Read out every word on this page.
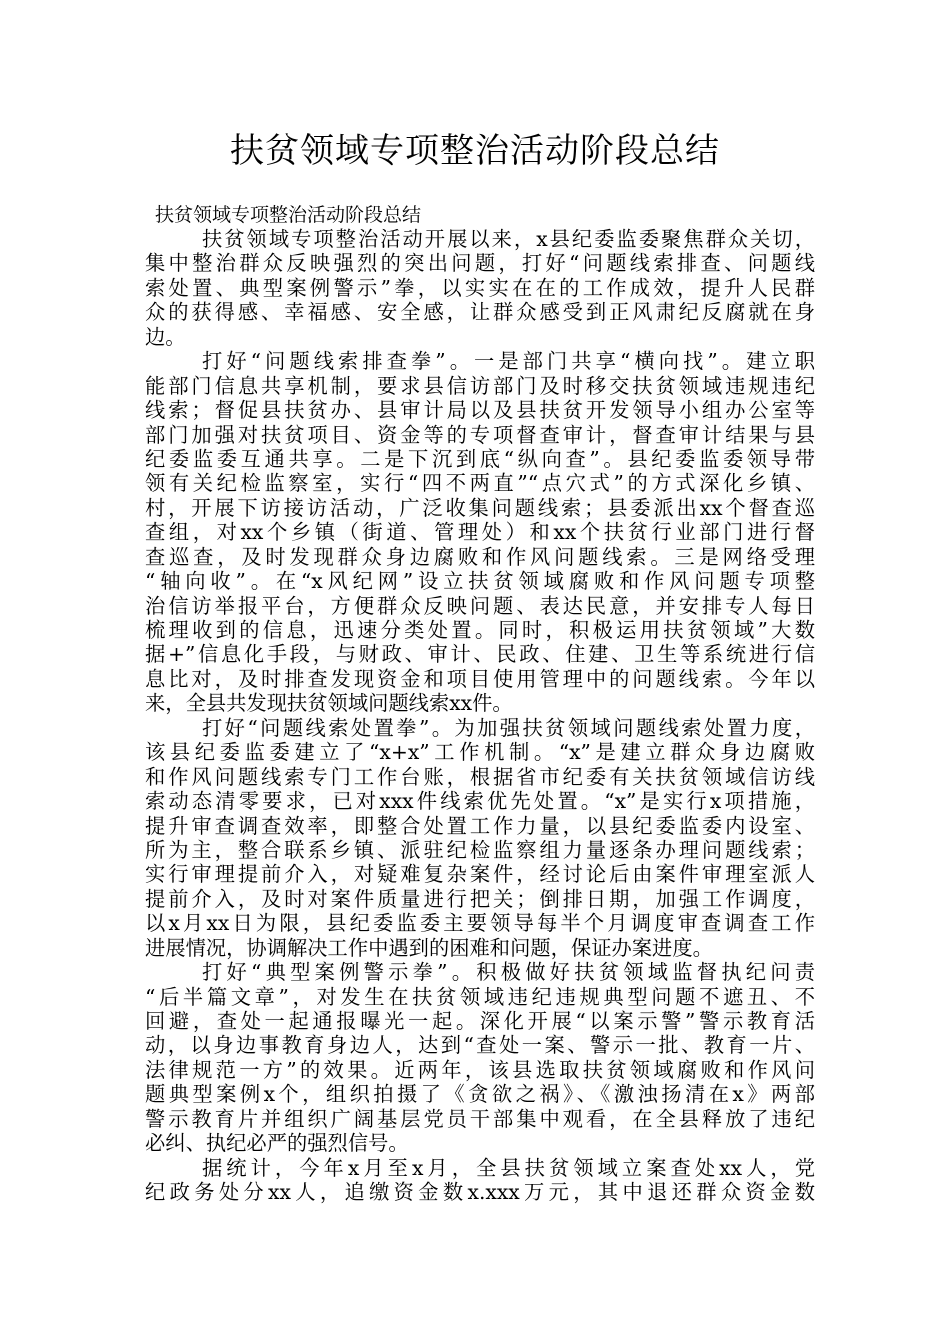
扶贫领域专项整治活动阶段总结
扶贫领域专项整治活动阶段总结
扶贫领域专项整治活动开展以来，x县纪委监委聚焦群众关切，
集中整治群众反映强烈的突出问题，打好“问题线索排查、问题线
索处置、典型案例警示”拳，以实实在在的工作成效，提升人民群
众的获得感、幸福感、安全感，让群众感受到正风肃纪反腐就在身
边。
打好“问题线索排查拳”。一是部门共享“横向找”。建立职
能部门信息共享机制，要求县信访部门及时移交扶贫领域违规违纪
线索；督促县扶贫办、县审计局以及县扶贫开发领导小组办公室等
部门加强对扶贫项目、资金等的专项督查审计，督查审计结果与县
纪委监委互通共享。二是下沉到底“纵向查”。县纪委监委领导带
领有关纪检监察室，实行“四不两直”“点穴式”的方式深化乡镇、
村，开展下访接访活动，广泛收集问题线索；县委派出xx个督查巡
查组，对xx个乡镇（街道、管理处）和xx个扶贫行业部门进行督
查巡查，及时发现群众身边腐败和作风问题线索。三是网络受理
“轴向收”。在“x风纪网”设立扶贫领域腐败和作风问题专项整
治信访举报平台，方便群众反映问题、表达民意，并安排专人每日
梳理收到的信息，迅速分类处置。同时，积极运用扶贫领域”大数
据+”信息化手段，与财政、审计、民政、住建、卫生等系统进行信
息比对，及时排查发现资金和项目使用管理中的问题线索。今年以
来，全县共发现扶贫领域问题线索xx件。
打好“问题线索处置拳”。为加强扶贫领域问题线索处置力度，
该县纪委监委建立了“x+x”工作机制。“x”是建立群众身边腐败
和作风问题线索专门工作台账，根据省市纪委有关扶贫领域信访线
索动态清零要求，已对xxx件线索优先处置。“x”是实行x项措施，
提升审查调查效率，即整合处置工作力量，以县纪委监委内设室、
所为主，整合联系乡镇、派驻纪检监察组力量逐条办理问题线索；
实行审理提前介入，对疑难复杂案件，经讨论后由案件审理室派人
提前介入，及时对案件质量进行把关；倒排日期，加强工作调度，
以x月xx日为限，县纪委监委主要领导每半个月调度审查调查工作
进展情况，协调解决工作中遇到的困难和问题，保证办案进度。
打好“典型案例警示拳”。积极做好扶贫领域监督执纪问责
“后半篇文章”，对发生在扶贫领域违纪违规典型问题不遮丑、不
回避，查处一起通报曝光一起。深化开展“以案示警”警示教育活
动，以身边事教育身边人，达到“查处一案、警示一批、教育一片、
法律规范一方”的效果。近两年，该县选取扶贫领域腐败和作风问
题典型案例x个，组织拍摄了《贪欲之祸》、《激浊扬清在x》两部
警示教育片并组织广阔基层党员干部集中观看，在全县释放了违纪
必纠、执纪必严的强烈信号。
据统计，今年x月至x月，全县扶贫领域立案查处xx人，党
纪政务处分xx人，追缴资金数x.xxx万元，其中退还群众资金数
